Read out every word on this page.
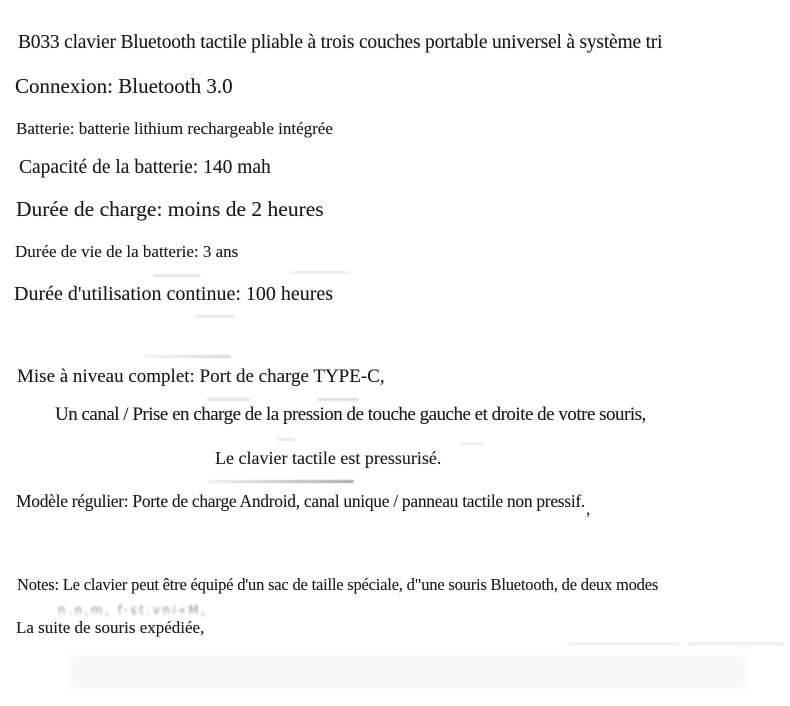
B033 clavier Bluetooth tactile pliable à trois couches portable universel à système tri
Connexion: Bluetooth 3.0
Batterie: batterie lithium rechargeable intégrée
Capacité de la batterie: 140 mah
Durée de charge: moins de 2 heures
Durée de vie de la batterie: 3 ans
Durée d'utilisation continue: 100 heures
Mise à niveau complet: Port de charge TYPE-C,
Un canal / Prise en charge de la pression de touche gauche et droite de votre souris,
Le clavier tactile est pressurisé.
Modèle régulier: Porte de charge Android, canal unique / panneau tactile non pressif.,
Notes: Le clavier peut être équipé d'un sac de taille spéciale, d"une souris Bluetooth, de deux modes
La suite de souris expédiée,
n.n,m, f-st.vni«M,
